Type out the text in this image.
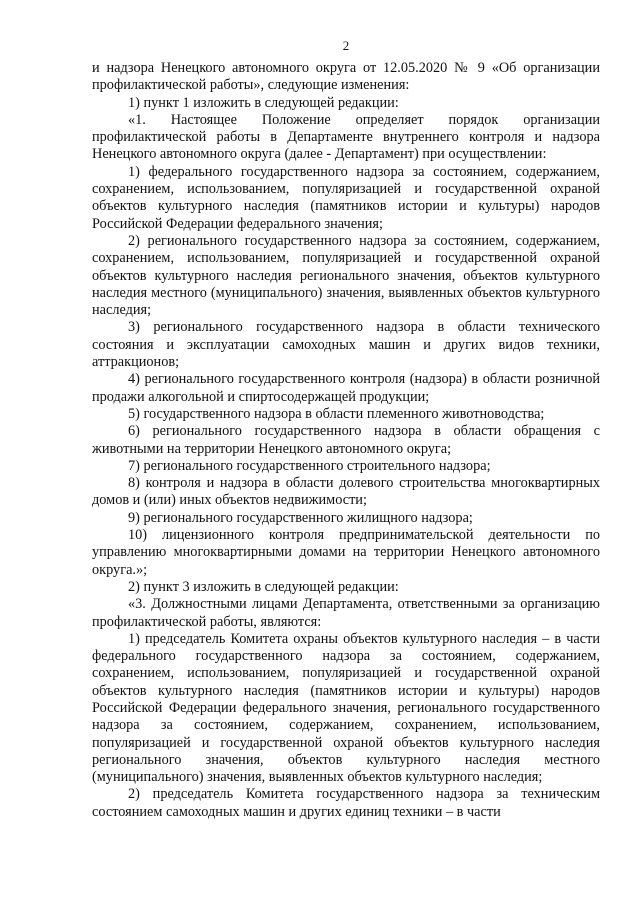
2

и надзора Ненецкого автономного округа от 12.05.2020 № 9 «Об организации профилактической работы», следующие изменения:

1) пункт 1 изложить в следующей редакции:

«1. Настоящее Положение определяет порядок организации профилактической работы в Департаменте внутреннего контроля и надзора Ненецкого автономного округа (далее - Департамент) при осуществлении:

1) федерального государственного надзора за состоянием, содержанием, сохранением, использованием, популяризацией и государственной охраной объектов культурного наследия (памятников истории и культуры) народов Российской Федерации федерального значения;

2) регионального государственного надзора за состоянием, содержанием, сохранением, использованием, популяризацией и государственной охраной объектов культурного наследия регионального значения, объектов культурного наследия местного (муниципального) значения, выявленных объектов культурного наследия;

3) регионального государственного надзора в области технического состояния и эксплуатации самоходных машин и других видов техники, аттракционов;

4) регионального государственного контроля (надзора) в области розничной продажи алкогольной и спиртосодержащей продукции;

5) государственного надзора в области племенного животноводства;

6) регионального государственного надзора в области обращения с животными на территории Ненецкого автономного округа;

7) регионального государственного строительного надзора;

8) контроля и надзора в области долевого строительства многоквартирных домов и (или) иных объектов недвижимости;

9) регионального государственного жилищного надзора;

10) лицензионного контроля предпринимательской деятельности по управлению многоквартирными домами на территории Ненецкого автономного округа.»;

2) пункт 3 изложить в следующей редакции:

«3. Должностными лицами Департамента, ответственными за организацию профилактической работы, являются:

1) председатель Комитета охраны объектов культурного наследия – в части федерального государственного надзора за состоянием, содержанием, сохранением, использованием, популяризацией и государственной охраной объектов культурного наследия (памятников истории и культуры) народов Российской Федерации федерального значения, регионального государственного надзора за состоянием, содержанием, сохранением, использованием, популяризацией и государственной охраной объектов культурного наследия регионального значения, объектов культурного наследия местного (муниципального) значения, выявленных объектов культурного наследия;

2) председатель Комитета государственного надзора за техническим состоянием самоходных машин и других единиц техники – в части
